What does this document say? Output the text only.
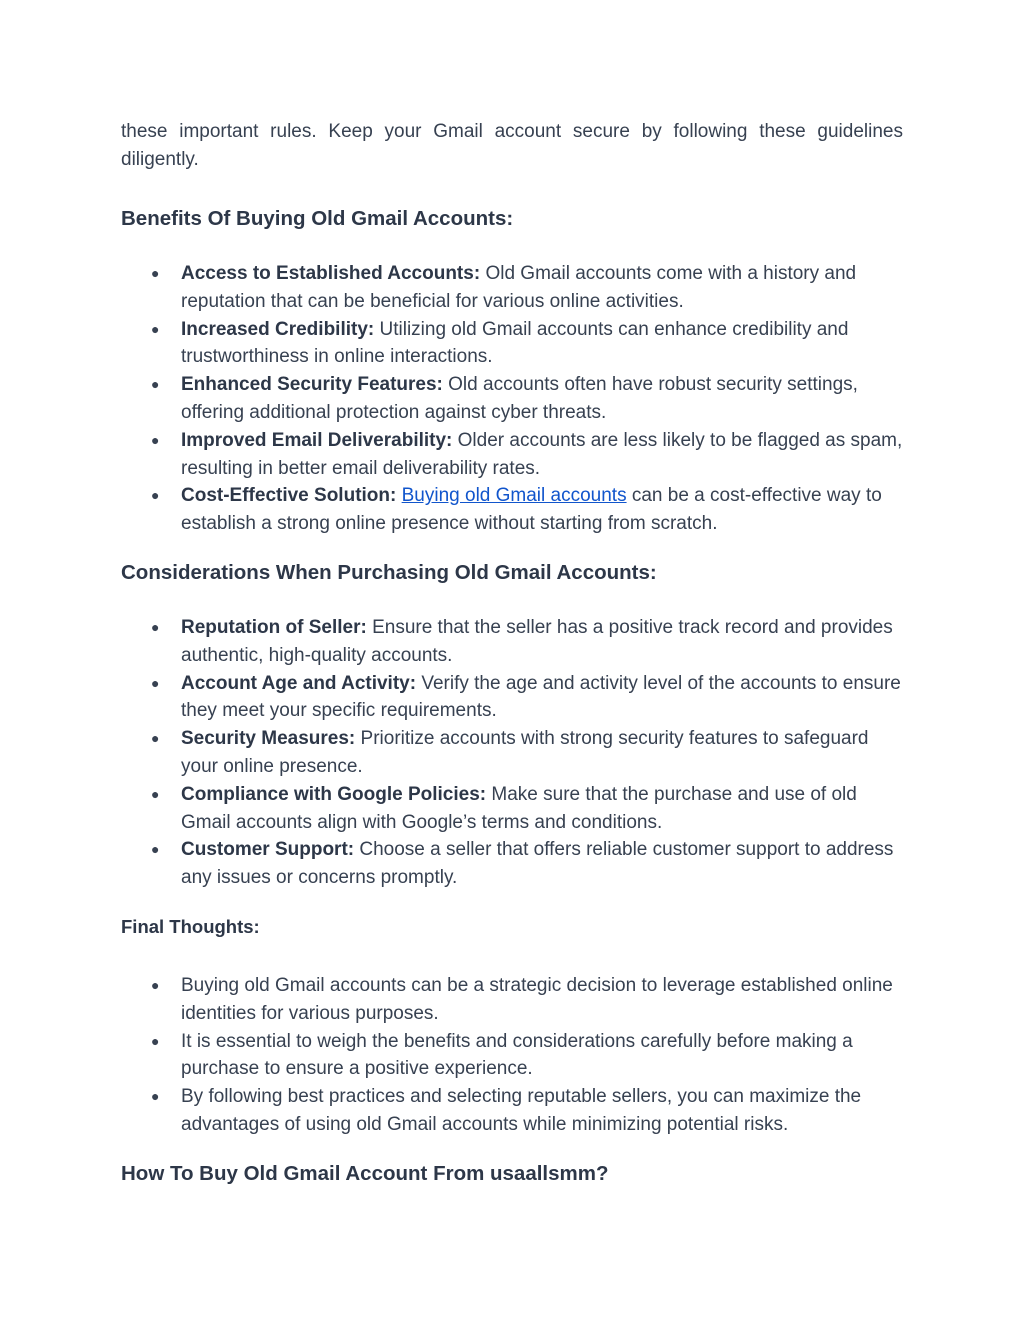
these important rules. Keep your Gmail account secure by following these guidelines diligently.

Benefits Of Buying Old Gmail Accounts:
● Access to Established Accounts: Old Gmail accounts come with a history and reputation that can be beneficial for various online activities.
● Increased Credibility: Utilizing old Gmail accounts can enhance credibility and trustworthiness in online interactions.
● Enhanced Security Features: Old accounts often have robust security settings, offering additional protection against cyber threats.
● Improved Email Deliverability: Older accounts are less likely to be flagged as spam, resulting in better email deliverability rates.
● Cost-Effective Solution: Buying old Gmail accounts can be a cost-effective way to establish a strong online presence without starting from scratch.
Considerations When Purchasing Old Gmail Accounts:
● Reputation of Seller: Ensure that the seller has a positive track record and provides authentic, high-quality accounts.
● Account Age and Activity: Verify the age and activity level of the accounts to ensure they meet your specific requirements.
● Security Measures: Prioritize accounts with strong security features to safeguard your online presence.
● Compliance with Google Policies: Make sure that the purchase and use of old Gmail accounts align with Google’s terms and conditions.
● Customer Support: Choose a seller that offers reliable customer support to address any issues or concerns promptly.
Final Thoughts:
● Buying old Gmail accounts can be a strategic decision to leverage established online identities for various purposes.
● It is essential to weigh the benefits and considerations carefully before making a purchase to ensure a positive experience.
● By following best practices and selecting reputable sellers, you can maximize the advantages of using old Gmail accounts while minimizing potential risks.
How To Buy Old Gmail Account From usaallsmm?
